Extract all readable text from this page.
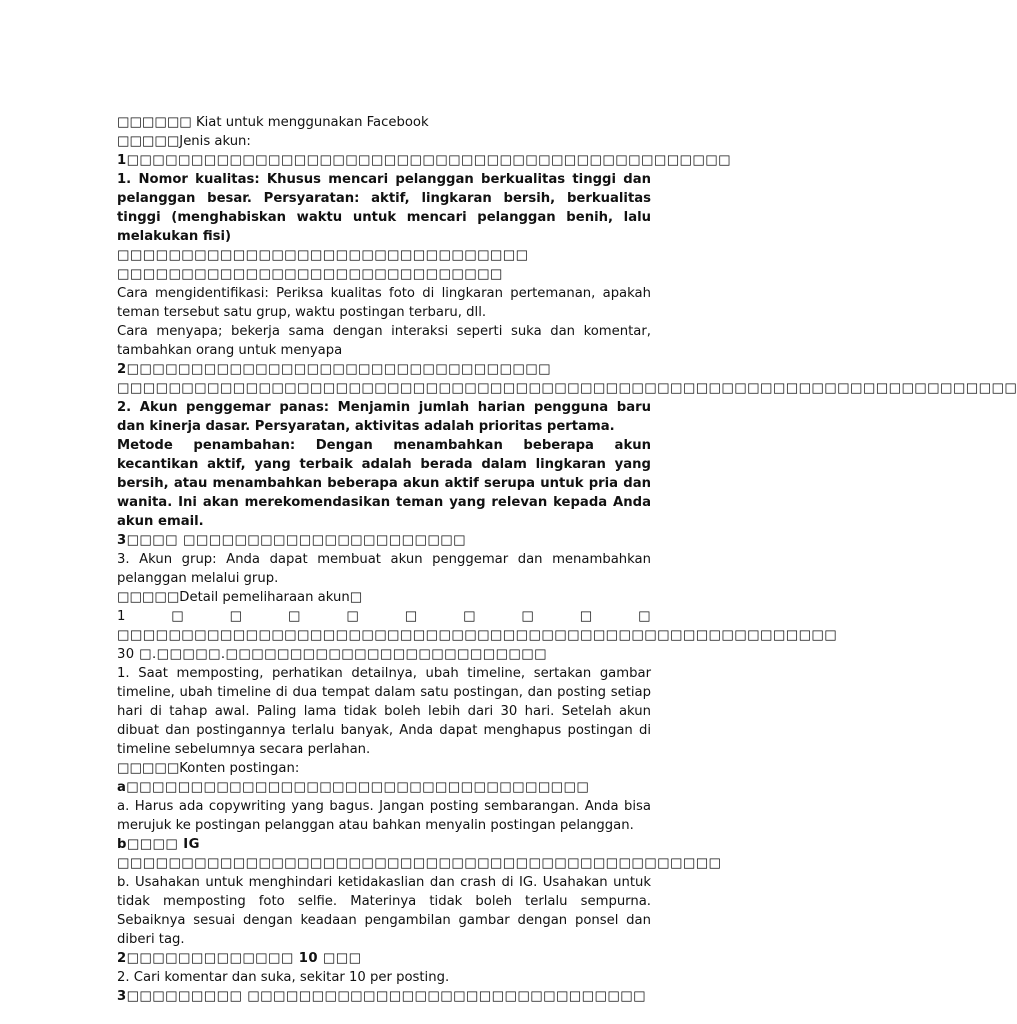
□□□□□□ Kiat untuk menggunakan Facebook

□□□□□Jenis akun:

1□□□□□□□□□□□□□□□□□□□□□□□□□□□□□□□□□□□□□□□□□□□□□□□

1. Nomor kualitas: Khusus mencari pelanggan berkualitas tinggi dan pelanggan besar. Persyaratan: aktif, lingkaran bersih, berkualitas tinggi (menghabiskan waktu untuk mencari pelanggan benih, lalu melakukan fisi)

□□□□□□□□□□□□□□□□□□□□□□□□□□□□□□□□

□□□□□□□□□□□□□□□□□□□□□□□□□□□□□□

Cara mengidentifikasi: Periksa kualitas foto di lingkaran pertemanan, apakah teman tersebut satu grup, waktu postingan terbaru, dll.

Cara menyapa; bekerja sama dengan interaksi seperti suka dan komentar, tambahkan orang untuk menyapa

2□□□□□□□□□□□□□□□□□□□□□□□□□□□□□□□□□

□□□□□□□□□□□□□□□□□□□□□□□□□□□□□□□□□□□□□□□□□□□□□□□□□□□□□□□□□□□□□□□□□□□□□□

2. Akun penggemar panas: Menjamin jumlah harian pengguna baru dan kinerja dasar. Persyaratan, aktivitas adalah prioritas pertama.

Metode penambahan: Dengan menambahkan beberapa akun kecantikan aktif, yang terbaik adalah berada dalam lingkaran yang bersih, atau menambahkan beberapa akun aktif serupa untuk pria dan wanita. Ini akan merekomendasikan teman yang relevan kepada Anda akun email.

3□□□□ □□□□□□□□□□□□□□□□□□□□□□

3. Akun grup: Anda dapat membuat akun penggemar dan menambahkan pelanggan melalui grup.

□□□□□Detail pemeliharaan akun□

1□□□□□□□□□ □□□□□□□□□□□□□□□□□□□□□□□□□□□□□□□□□□□□□□□□□□□□□□□□□□□□□□□□ 30 □.□□□□□.□□□□□□□□□□□□□□□□□□□□□□□□□

1. Saat memposting, perhatikan detailnya, ubah timeline, sertakan gambar timeline, ubah timeline di dua tempat dalam satu postingan, dan posting setiap hari di tahap awal. Paling lama tidak boleh lebih dari 30 hari. Setelah akun dibuat dan postingannya terlalu banyak, Anda dapat menghapus postingan di timeline sebelumnya secara perlahan.

□□□□□Konten postingan:

a□□□□□□□□□□□□□□□□□□□□□□□□□□□□□□□□□□□□

a. Harus ada copywriting yang bagus. Jangan posting sembarangan. Anda bisa merujuk ke postingan pelanggan atau bahkan menyalin postingan pelanggan.

b□□□□ IG □□□□□□□□□□□□□□□□□□□□□□□□□□□□□□□□□□□□□□□□□□□□□□□

b. Usahakan untuk menghindari ketidakaslian dan crash di IG. Usahakan untuk tidak memposting foto selfie. Materinya tidak boleh terlalu sempurna. Sebaiknya sesuai dengan keadaan pengambilan gambar dengan ponsel dan diberi tag.

2□□□□□□□□□□□□□ 10 □□□

2. Cari komentar dan suka, sekitar 10 per posting.

3□□□□□□□□□ □□□□□□□□□□□□□□□□□□□□□□□□□□□□□□□
